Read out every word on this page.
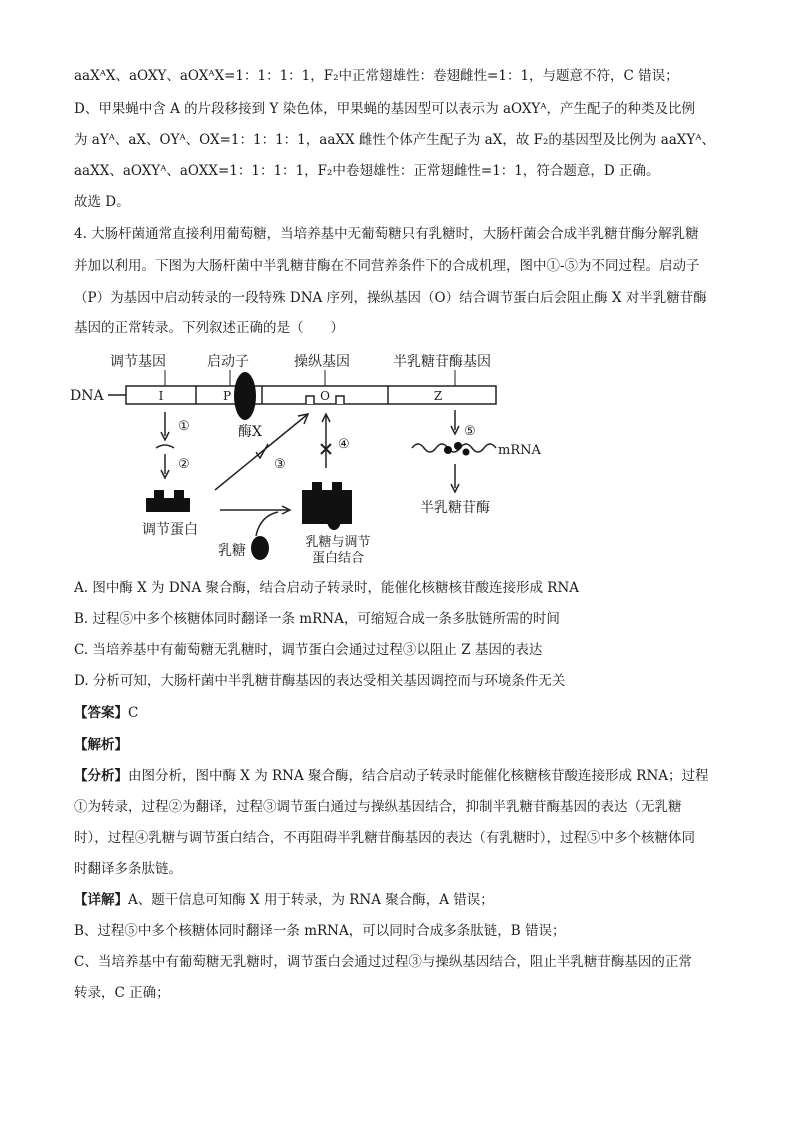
aaXᴬX、aOXY、aOXᴬX=1：1：1：1，F₂中正常翅雄性：卷翅雌性=1：1，与题意不符，C 错误；
D、甲果蝇中含 A 的片段移接到 Y 染色体，甲果蝇的基因型可以表示为 aOXYᴬ，产生配子的种类及比例
为 aYᴬ、aX、OYᴬ、OX=1：1：1：1，aaXX 雌性个体产生配子为 aX，故 F₂的基因型及比例为 aaXYᴬ、
aaXX、aOXYᴬ、aOXX=1：1：1：1，F₂中卷翅雄性：正常翅雌性=1：1，符合题意，D 正确。
故选 D。
4. 大肠杆菌通常直接利用葡萄糖，当培养基中无葡萄糖只有乳糖时，大肠杆菌会合成半乳糖苷酶分解乳糖
并加以利用。下图为大肠杆菌中半乳糖苷酶在不同营养条件下的合成机理，图中①-⑤为不同过程。启动子
（P）为基因中启动转录的一段特殊 DNA 序列，操纵基因（O）结合调节蛋白后会阻止酶 X 对半乳糖苷酶
基因的正常转录。下列叙述正确的是（　　）
调节基因	启动子	操纵基因	半乳糖苷酶基因
DNA	I	P	O	Z
酶X
①
②
调节蛋白
③
乳糖
乳糖与调节
蛋白结合
④
⑤
mRNA
半乳糖苷酶
A. 图中酶 X 为 DNA 聚合酶，结合启动子转录时，能催化核糖核苷酸连接形成 RNA
B. 过程⑤中多个核糖体同时翻译一条 mRNA，可缩短合成一条多肽链所需的时间
C. 当培养基中有葡萄糖无乳糖时，调节蛋白会通过过程③以阻止 Z 基因的表达
D. 分析可知，大肠杆菌中半乳糖苷酶基因的表达受相关基因调控而与环境条件无关
【答案】C
【解析】
【分析】由图分析，图中酶 X 为 RNA 聚合酶，结合启动子转录时能催化核糖核苷酸连接形成 RNA；过程
①为转录，过程②为翻译，过程③调节蛋白通过与操纵基因结合，抑制半乳糖苷酶基因的表达（无乳糖
时），过程④乳糖与调节蛋白结合，不再阻碍半乳糖苷酶基因的表达（有乳糖时），过程⑤中多个核糖体同
时翻译多条肽链。
【详解】A、题干信息可知酶 X 用于转录，为 RNA 聚合酶，A 错误；
B、过程⑤中多个核糖体同时翻译一条 mRNA，可以同时合成多条肽链，B 错误；
C、当培养基中有葡萄糖无乳糖时，调节蛋白会通过过程③与操纵基因结合，阻止半乳糖苷酶基因的正常
转录，C 正确；
